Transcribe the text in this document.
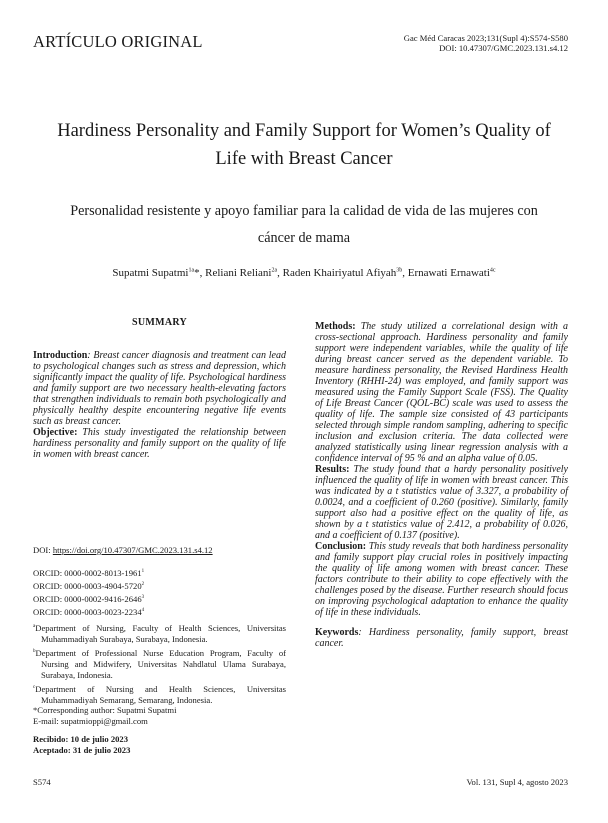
ARTÍCULO ORIGINAL	Gac Méd Caracas 2023;131(Supl 4):S574-S580
DOI: 10.47307/GMC.2023.131.s4.12
Hardiness Personality and Family Support for Women’s Quality of Life with Breast Cancer
Personalidad resistente y apoyo familiar para la calidad de vida de las mujeres con cáncer de mama
Supatmi Supatmi$^{1a}$*, Reliani Reliani$^{2a}$, Raden Khairiyatul Afiyah$^{3b}$, Ernawati Ernawati$^{4c}$
SUMMARY

Introduction: Breast cancer diagnosis and treatment can lead to psychological changes such as stress and depression, which significantly impact the quality of life. Psychological hardiness and family support are two necessary health-elevating factors that strengthen individuals to remain both psychologically and physically healthy despite encountering negative life events such as breast cancer.

Objective: This study investigated the relationship between hardiness personality and family support on the quality of life in women with breast cancer.

DOI: https://doi.org/10.47307/GMC.2023.131.s4.12
ORCID: 0000-0002-8013-1961$^1$
ORCID: 0000-0003-4904-5720$^2$
ORCID: 0000-0002-9416-2646$^3$
ORCID: 0000-0003-0023-2234$^4$
$^a$Department of Nursing, Faculty of Health Sciences, Universitas Muhammadiyah Surabaya, Surabaya, Indonesia.
$^b$Department of Professional Nurse Education Program, Faculty of Nursing and Midwifery, Universitas Nahdlatul Ulama Surabaya, Surabaya, Indonesia.
$^c$Department of Nursing and Health Sciences, Universitas Muhammadiyah Semarang, Semarang, Indonesia.
*Corresponding author: Supatmi Supatmi
E-mail: supatmioppi@gmail.com
Recibido: 10 de julio 2023
Aceptado: 31 de julio 2023

Methods: The study utilized a correlational design with a cross-sectional approach. Hardiness personality and family support were independent variables, while the quality of life during breast cancer served as the dependent variable. To measure hardiness personality, the Revised Hardiness Health Inventory (RHHI-24) was employed, and family support was measured using the Family Support Scale (FSS). The Quality of Life Breast Cancer (QOL-BC) scale was used to assess the quality of life. The sample size consisted of 43 participants selected through simple random sampling, adhering to specific inclusion and exclusion criteria. The data collected were analyzed statistically using linear regression analysis with a confidence interval of 95 % and an alpha value of 0.05.

Results: The study found that a hardy personality positively influenced the quality of life in women with breast cancer. This was indicated by a t statistics value of 3.327, a probability of 0.0024, and a coefficient of 0.260 (positive). Similarly, family support also had a positive effect on the quality of life, as shown by a t statistics value of 2.412, a probability of 0.026, and a coefficient of 0.137 (positive).

Conclusion: This study reveals that both hardiness personality and family support play crucial roles in positively impacting the quality of life among women with breast cancer. These factors contribute to their ability to cope effectively with the challenges posed by the disease. Further research should focus on improving psychological adaptation to enhance the quality of life in these individuals.

Keywords: Hardiness personality, family support, breast cancer.

S574	Vol. 131, Supl 4, agosto 2023
